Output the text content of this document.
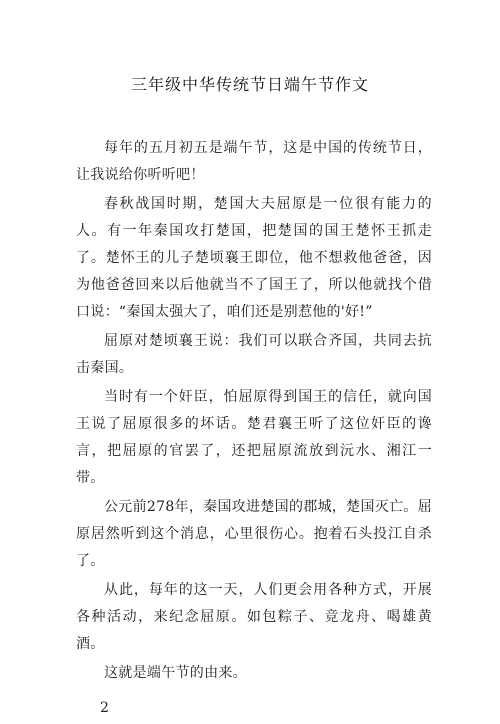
三年级中华传统节日端午节作文

每年的五月初五是端午节，这是中国的传统节日，让我说给你听听吧！

春秋战国时期，楚国大夫屈原是一位很有能力的人。有一年秦国攻打楚国，把楚国的国王楚怀王抓走了。楚怀王的儿子楚顷襄王即位，他不想救他爸爸，因为他爸爸回来以后他就当不了国王了，所以他就找个借口说：“秦国太强大了，咱们还是别惹他的'好!”

屈原对楚顷襄王说：我们可以联合齐国，共同去抗击秦国。

当时有一个奸臣，怕屈原得到国王的信任，就向国王说了屈原很多的坏话。楚君襄王听了这位奸臣的谗言，把屈原的官罢了，还把屈原流放到沅水、湘江一带。

公元前278年，秦国攻进楚国的郡城，楚国灭亡。屈原居然听到这个消息，心里很伤心。抱着石头投江自杀了。

从此，每年的这一天，人们更会用各种方式，开展各种活动，来纪念屈原。如包粽子、竞龙舟、喝雄黄酒。

这就是端午节的由来。

2
